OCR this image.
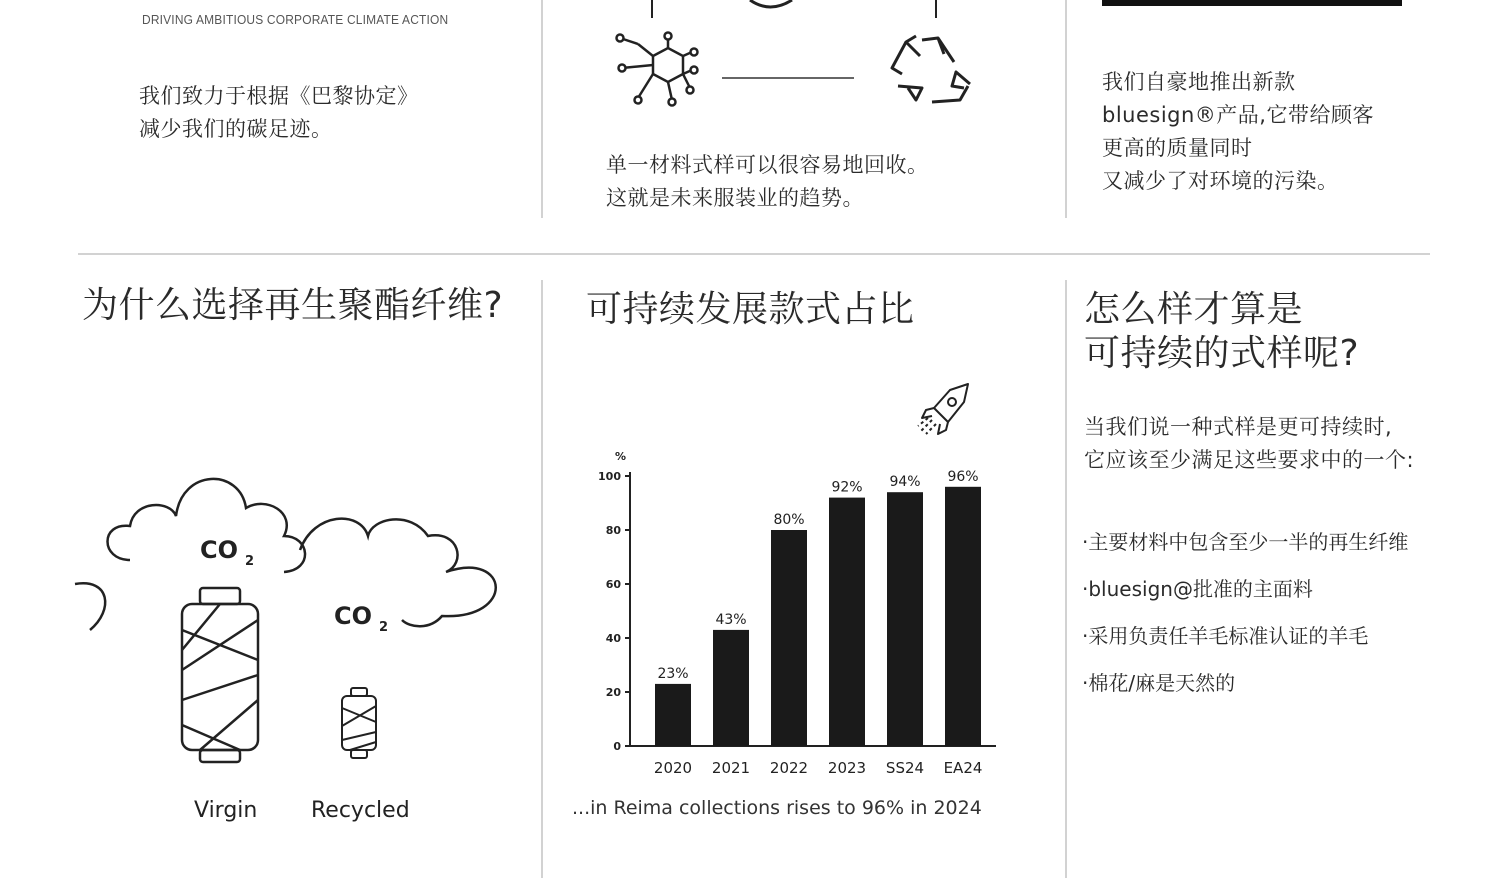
DRIVING AMBITIOUS CORPORATE CLIMATE ACTION
我们致力于根据《巴黎协定》
减少我们的碳足迹。
单一材料式样可以很容易地回收。
这就是未来服装业的趋势。
我们自豪地推出新款
bluesign®产品,它带给顾客
更高的质量同时
又减少了对环境的污染。
为什么选择再生聚酯纤维?
CO 2
CO 2
Virgin Recycled
可持续发展款式占比
%
0
20
40
60
80
100
23%
2020
43%
2021
80%
2022
92%
2023
94%
SS24
96%
EA24
...in Reima collections rises to 96% in 2024
怎么样才算是
可持续的式样呢?
当我们说一种式样是更可持续时,
它应该至少满足这些要求中的一个:
·主要材料中包含至少一半的再生纤维
·bluesign@批准的主面料
·采用负责任羊毛标准认证的羊毛
·棉花/麻是天然的
